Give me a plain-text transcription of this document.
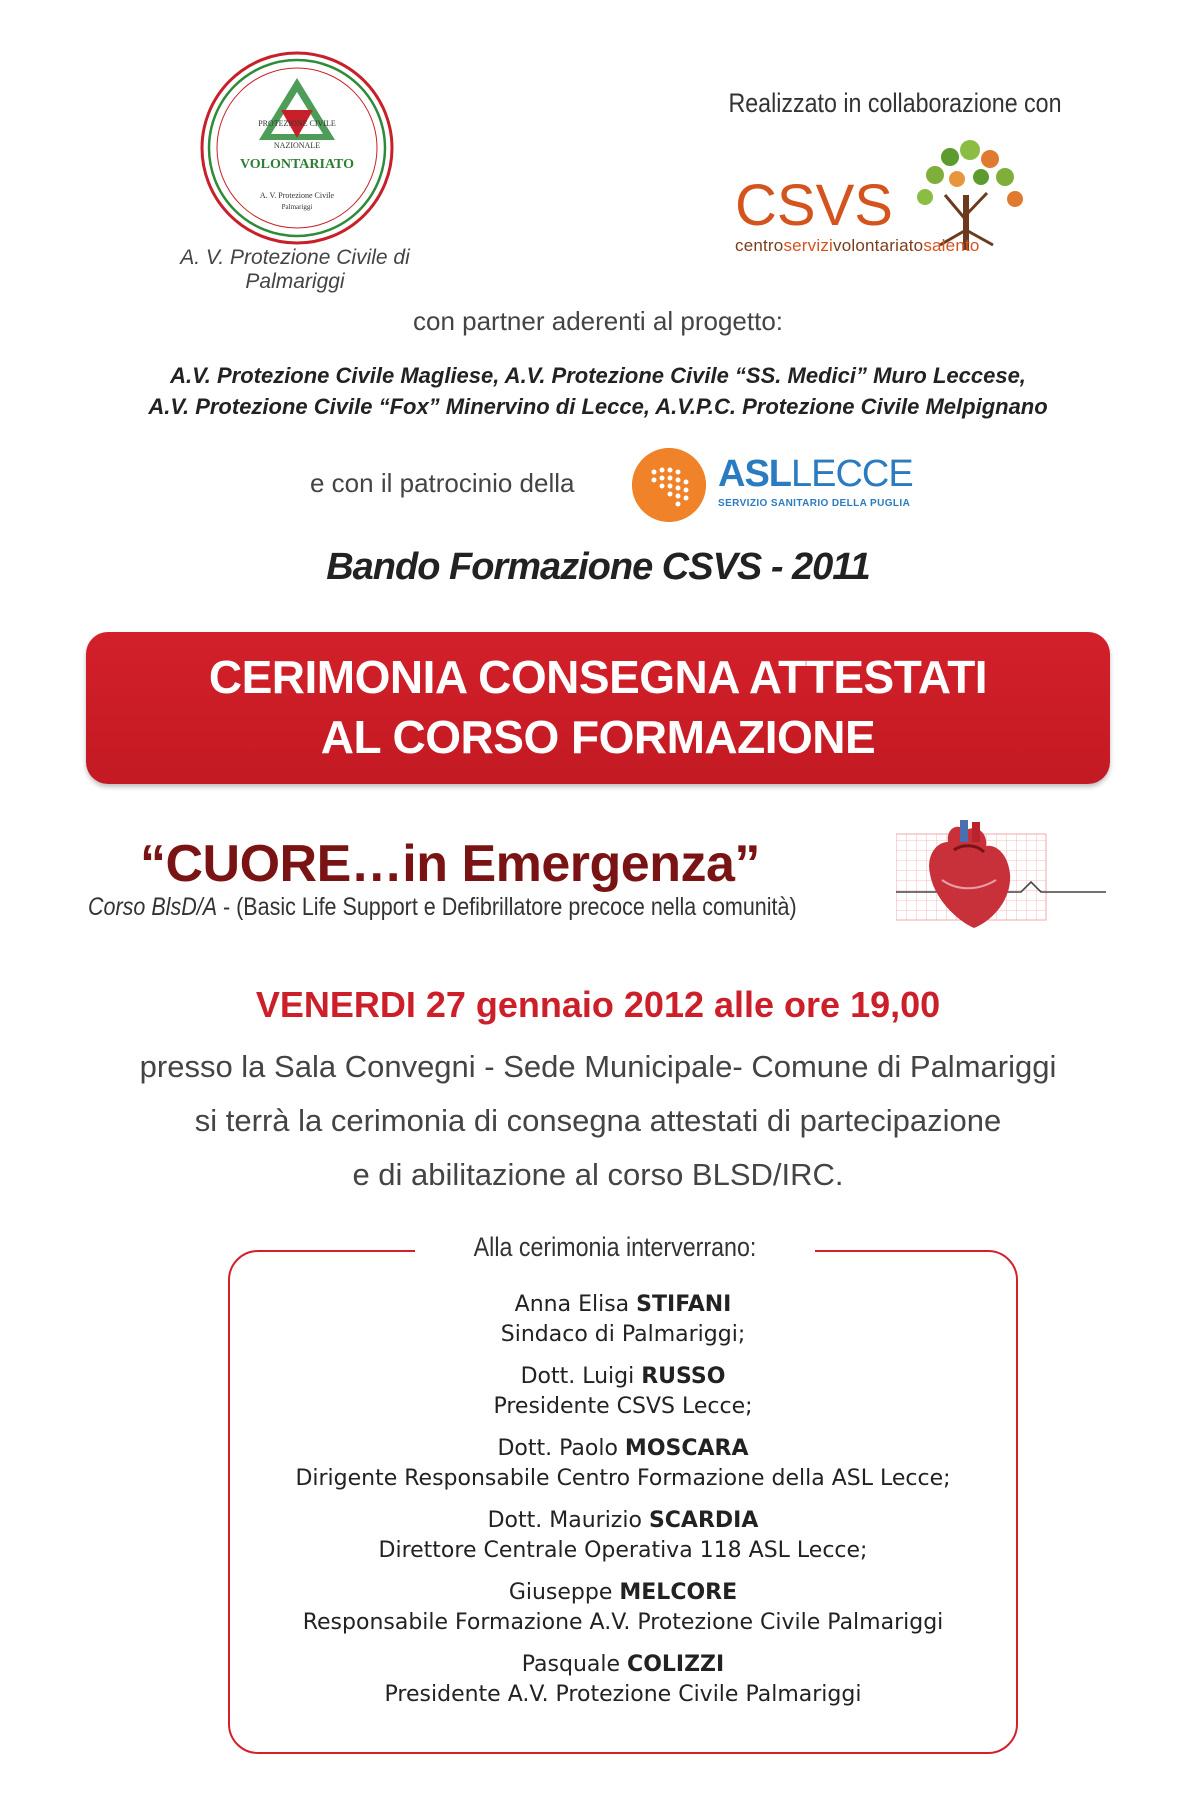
PROTEZIONE CIVILE
NAZIONALE
VOLONTARIATO
A. V. Protezione Civile
Palmariggi
A. V. Protezione Civile di Palmariggi
Realizzato in collaborazione con
CSVS
centroservizivolontariatosalento
con partner aderenti al progetto:
A.V. Protezione Civile Magliese, A.V. Protezione Civile “SS. Medici” Muro Leccese,
A.V. Protezione Civile “Fox” Minervino di Lecce, A.V.P.C. Protezione Civile Melpignano
e con il patrocinio della	ASLLECCE
SERVIZIO SANITARIO DELLA PUGLIA
Bando Formazione CSVS - 2011
CERIMONIA CONSEGNA ATTESTATI
AL CORSO FORMAZIONE
“CUORE…in Emergenza”
Corso BlsD/A - (Basic Life Support e Defibrillatore precoce nella comunità)
VENERDI 27 gennaio 2012 alle ore 19,00
presso la Sala Convegni - Sede Municipale- Comune di Palmariggi
si terrà la cerimonia di consegna attestati di partecipazione
e di abilitazione al corso BLSD/IRC.
Alla cerimonia interverrano:
Anna Elisa STIFANI
Sindaco di Palmariggi;
Dott. Luigi RUSSO
Presidente CSVS Lecce;
Dott. Paolo MOSCARA
Dirigente Responsabile Centro Formazione della ASL Lecce;
Dott. Maurizio SCARDIA
Direttore Centrale Operativa 118 ASL Lecce;
Giuseppe MELCORE
Responsabile Formazione A.V. Protezione Civile Palmariggi
Pasquale COLIZZI
Presidente A.V. Protezione Civile Palmariggi
